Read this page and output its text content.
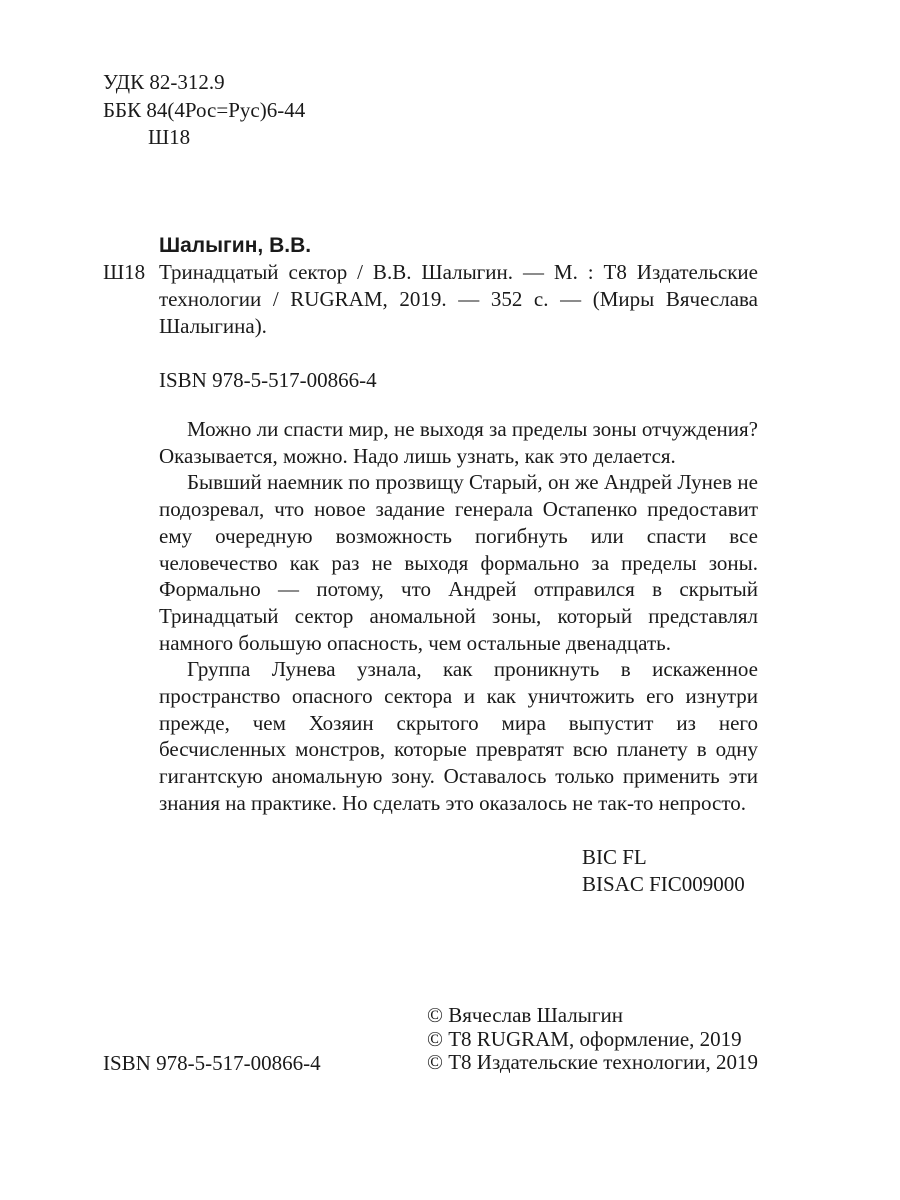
УДК 82-312.9
ББК 84(4Рос=Рус)6-44
Ш18
Шалыгин, В.В.
Ш18 Тринадцатый сектор / В.В. Шалыгин. — М. : Т8 Издательские технологии / RUGRAM, 2019. — 352 с. — (Миры Вячеслава Шалыгина).
ISBN 978-5-517-00866-4

Можно ли спасти мир, не выходя за пределы зоны отчуждения? Оказывается, можно. Надо лишь узнать, как это делается.

Бывший наемник по прозвищу Старый, он же Андрей Лунев не подозревал, что новое задание генерала Остапенко предоставит ему очередную возможность погибнуть или спасти все человечество как раз не выходя формально за пределы зоны. Формально — потому, что Андрей отправился в скрытый Тринадцатый сектор аномальной зоны, который представлял намного большую опасность, чем остальные двенадцать.

Группа Лунева узнала, как проникнуть в искаженное пространство опасного сектора и как уничтожить его изнутри прежде, чем Хозяин скрытого мира выпустит из него бесчисленных монстров, которые превратят всю планету в одну гигантскую аномальную зону. Оставалось только применить эти знания на практике. Но сделать это оказалось не так-то непросто.

BIC FL
BISAC FIC009000
ISBN 978-5-517-00866-4
© Вячеслав Шалыгин
© Т8 RUGRAM, оформление, 2019
© Т8 Издательские технологии, 2019
